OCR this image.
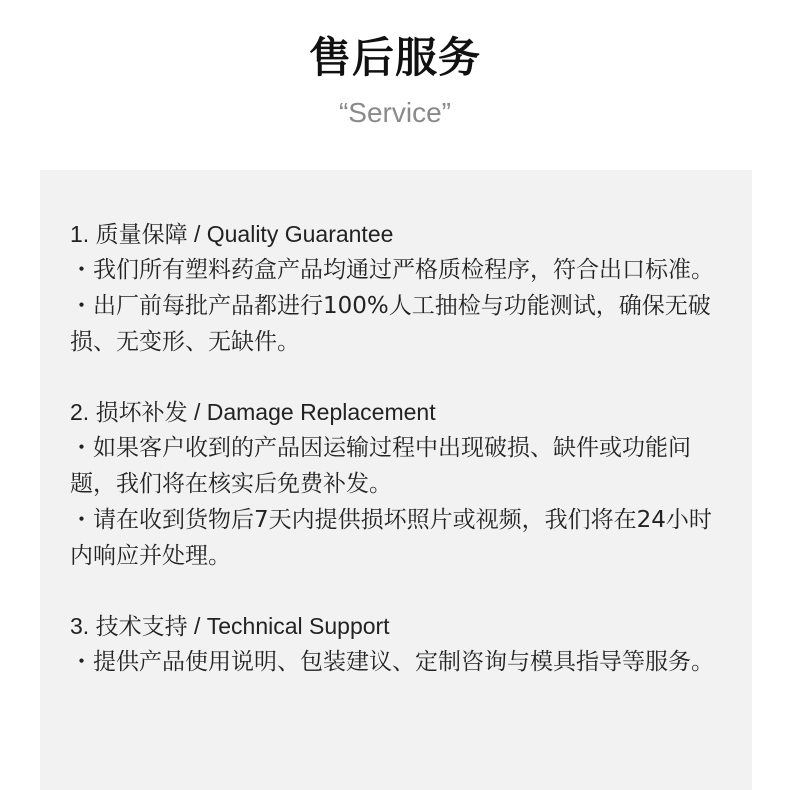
售后服务
“Service”
1. 质量保障 / Quality Guarantee
・我们所有塑料药盒产品均通过严格质检程序，符合出口标准。
・出厂前每批产品都进行100%人工抽检与功能测试，确保无破损、无变形、无缺件。
2. 损坏补发 / Damage Replacement
・如果客户收到的产品因运输过程中出现破损、缺件或功能问题，我们将在核实后免费补发。
・请在收到货物后7天内提供损坏照片或视频，我们将在24小时内响应并处理。
3. 技术支持 / Technical Support
・提供产品使用说明、包装建议、定制咨询与模具指导等服务。
